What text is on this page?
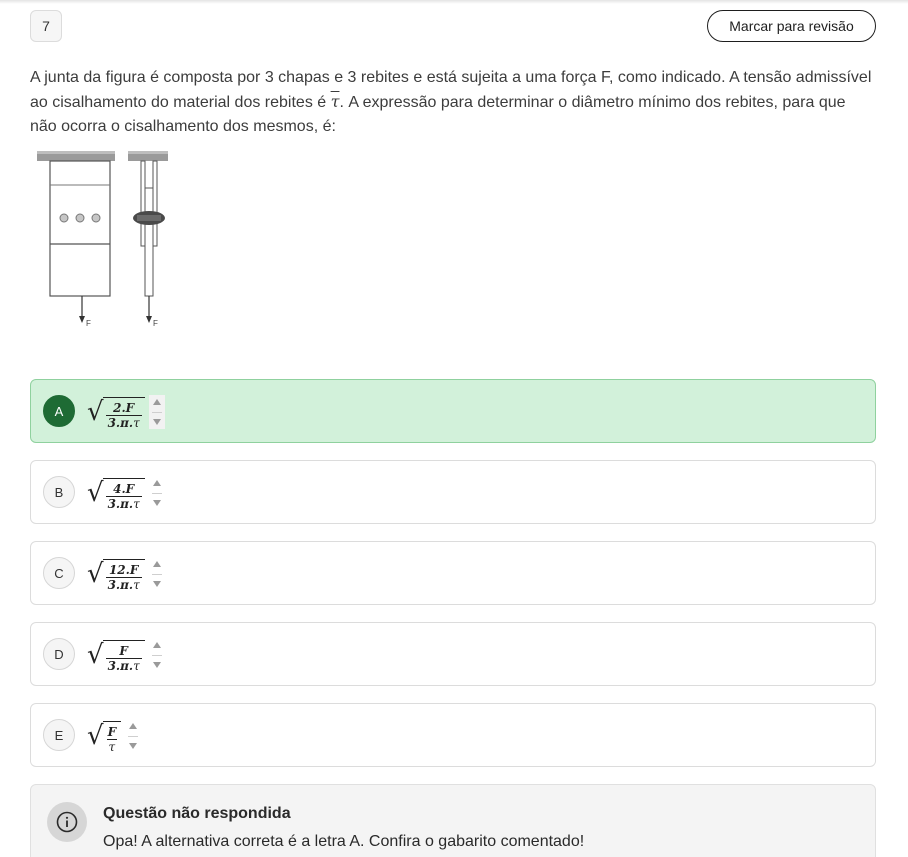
7	Marcar para revisão

A junta da figura é composta por 3 chapas e 3 rebites e está sujeita a uma força F, como indicado. A tensão admissível ao cisalhamento do material dos rebites é $\overline{\tau}$. A expressão para determinar o diâmetro mínimo dos rebites, para que não ocorra o cisalhamento dos mesmos, é:

F	F
A √ $\frac{2.F}{3.\pi.\overline{\tau}}$
B √ $\frac{4.F}{3.\pi.\overline{\tau}}$
C √ $\frac{12.F}{3.\pi.\overline{\tau}}$
D √ $\frac{F}{3.\pi.\overline{\tau}}$
E √ $\frac{F}{\overline{\tau}}$
Questão não respondida
Opa! A alternativa correta é a letra A. Confira o gabarito comentado!
